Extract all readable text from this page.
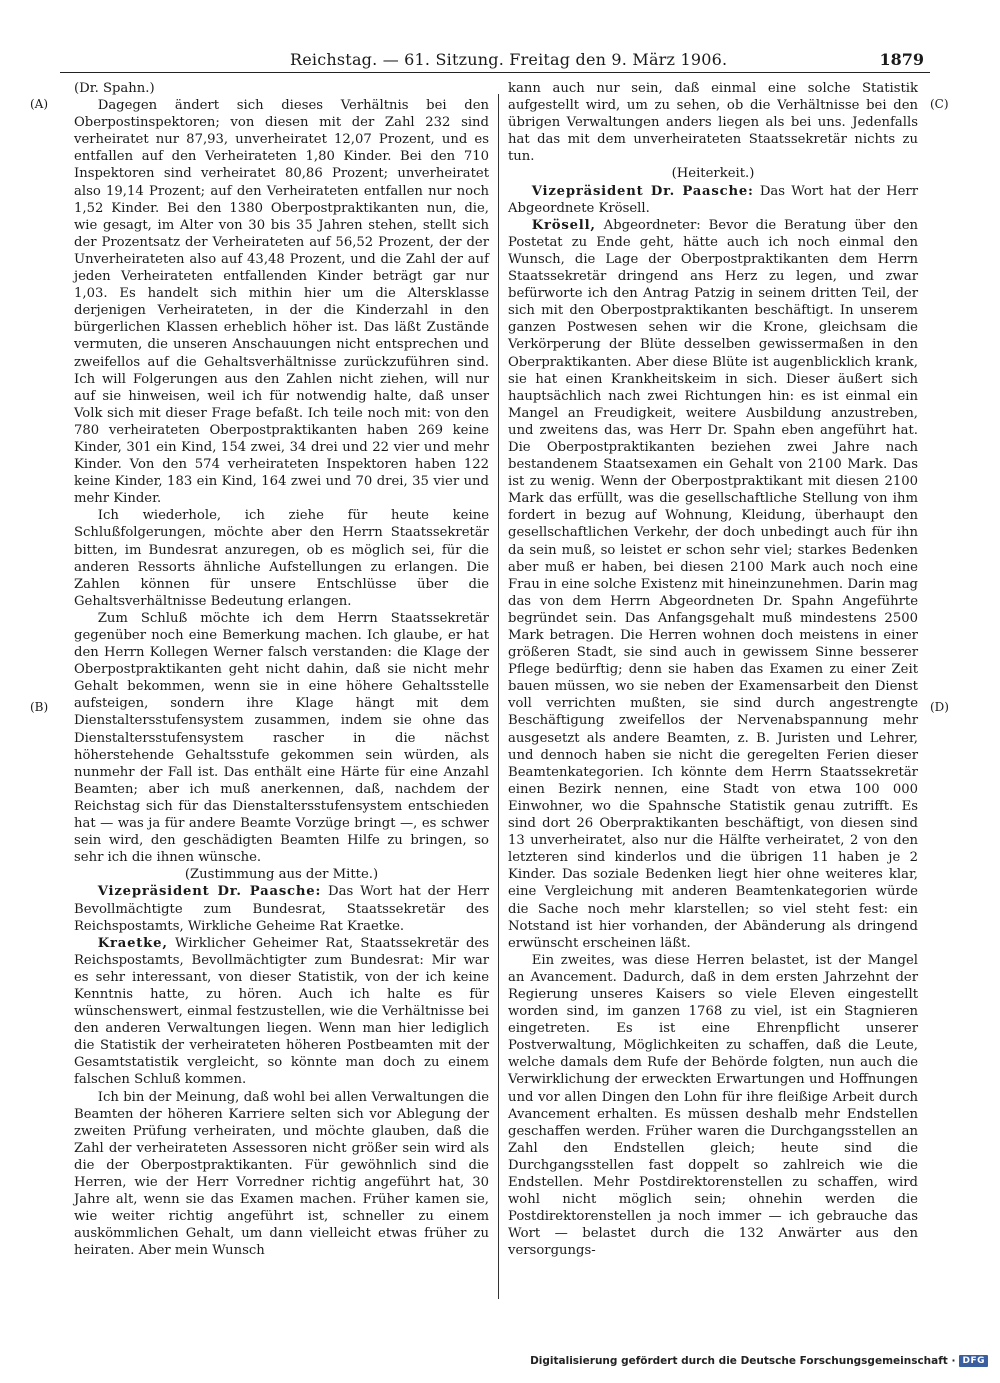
Reichstag. — 61. Sitzung. Freitag den 9. März 1906.	1879
(A)
(B)
(C)
(D)

(Dr. Spahn.)

Dagegen ändert sich dieses Verhältnis bei den Oberpostinspektoren; von diesen mit der Zahl 232 sind verheiratet nur 87,93, unverheiratet 12,07 Prozent, und es entfallen auf den Verheirateten 1,80 Kinder. Bei den 710 Inspektoren sind verheiratet 80,86 Prozent; unverheiratet also 19,14 Prozent; auf den Verheirateten entfallen nur noch 1,52 Kinder. Bei den 1380 Oberpostpraktikanten nun, die, wie gesagt, im Alter von 30 bis 35 Jahren stehen, stellt sich der Prozentsatz der Verheirateten auf 56,52 Prozent, der der Unverheirateten also auf 43,48 Prozent, und die Zahl der auf jeden Verheirateten entfallenden Kinder beträgt gar nur 1,03. Es handelt sich mithin hier um die Altersklasse derjenigen Verheirateten, in der die Kinderzahl in den bürgerlichen Klassen erheblich höher ist. Das läßt Zustände vermuten, die unseren Anschauungen nicht entsprechen und zweifellos auf die Gehaltsverhältnisse zurückzuführen sind. Ich will Folgerungen aus den Zahlen nicht ziehen, will nur auf sie hinweisen, weil ich für notwendig halte, daß unser Volk sich mit dieser Frage befaßt. Ich teile noch mit: von den 780 verheirateten Oberpostpraktikanten haben 269 keine Kinder, 301 ein Kind, 154 zwei, 34 drei und 22 vier und mehr Kinder. Von den 574 verheirateten Inspektoren haben 122 keine Kinder, 183 ein Kind, 164 zwei und 70 drei, 35 vier und mehr Kinder.

Ich wiederhole, ich ziehe für heute keine Schlußfolgerungen, möchte aber den Herrn Staatssekretär bitten, im Bundesrat anzuregen, ob es möglich sei, für die anderen Ressorts ähnliche Aufstellungen zu erlangen. Die Zahlen können für unsere Entschlüsse über die Gehaltsverhältnisse Bedeutung erlangen.

Zum Schluß möchte ich dem Herrn Staatssekretär gegenüber noch eine Bemerkung machen. Ich glaube, er hat den Herrn Kollegen Werner falsch verstanden: die Klage der Oberpostpraktikanten geht nicht dahin, daß sie nicht mehr Gehalt bekommen, wenn sie in eine höhere Gehaltsstelle aufsteigen, sondern ihre Klage hängt mit dem Dienstaltersstufensystem zusammen, indem sie ohne das Dienstaltersstufensystem rascher in die nächst höherstehende Gehaltsstufe gekommen sein würden, als nunmehr der Fall ist. Das enthält eine Härte für eine Anzahl Beamten; aber ich muß anerkennen, daß, nachdem der Reichstag sich für das Dienstaltersstufensystem entschieden hat — was ja für andere Beamte Vorzüge bringt —, es schwer sein wird, den geschädigten Beamten Hilfe zu bringen, so sehr ich die ihnen wünsche.

(Zustimmung aus der Mitte.)

Vizepräsident Dr. Paasche: Das Wort hat der Herr Bevollmächtigte zum Bundesrat, Staatssekretär des Reichspostamts, Wirkliche Geheime Rat Kraetke.

Kraetke, Wirklicher Geheimer Rat, Staatssekretär des Reichspostamts, Bevollmächtigter zum Bundesrat: Mir war es sehr interessant, von dieser Statistik, von der ich keine Kenntnis hatte, zu hören. Auch ich halte es für wünschenswert, einmal festzustellen, wie die Verhältnisse bei den anderen Verwaltungen liegen. Wenn man hier lediglich die Statistik der verheirateten höheren Postbeamten mit der Gesamtstatistik vergleicht, so könnte man doch zu einem falschen Schluß kommen.

Ich bin der Meinung, daß wohl bei allen Verwaltungen die Beamten der höheren Karriere selten sich vor Ablegung der zweiten Prüfung verheiraten, und möchte glauben, daß die Zahl der verheirateten Assessoren nicht größer sein wird als die der Oberpostpraktikanten. Für gewöhnlich sind die Herren, wie der Herr Vorredner richtig angeführt hat, 30 Jahre alt, wenn sie das Examen machen. Früher kamen sie, wie weiter richtig angeführt ist, schneller zu einem auskömmlichen Gehalt, um dann vielleicht etwas früher zu heiraten. Aber mein Wunsch

kann auch nur sein, daß einmal eine solche Statistik aufgestellt wird, um zu sehen, ob die Verhältnisse bei den übrigen Verwaltungen anders liegen als bei uns. Jedenfalls hat das mit dem unverheirateten Staatssekretär nichts zu tun.

(Heiterkeit.)

Vizepräsident Dr. Paasche: Das Wort hat der Herr Abgeordnete Krösell.

Krösell, Abgeordneter: Bevor die Beratung über den Postetat zu Ende geht, hätte auch ich noch einmal den Wunsch, die Lage der Oberpostpraktikanten dem Herrn Staatssekretär dringend ans Herz zu legen, und zwar befürworte ich den Antrag Patzig in seinem dritten Teil, der sich mit den Oberpostpraktikanten beschäftigt. In unserem ganzen Postwesen sehen wir die Krone, gleichsam die Verkörperung der Blüte desselben gewissermaßen in den Oberpraktikanten. Aber diese Blüte ist augenblicklich krank, sie hat einen Krankheitskeim in sich. Dieser äußert sich hauptsächlich nach zwei Richtungen hin: es ist einmal ein Mangel an Freudigkeit, weitere Ausbildung anzustreben, und zweitens das, was Herr Dr. Spahn eben angeführt hat. Die Oberpostpraktikanten beziehen zwei Jahre nach bestandenem Staatsexamen ein Gehalt von 2100 Mark. Das ist zu wenig. Wenn der Oberpostpraktikant mit diesen 2100 Mark das erfüllt, was die gesellschaftliche Stellung von ihm fordert in bezug auf Wohnung, Kleidung, überhaupt den gesellschaftlichen Verkehr, der doch unbedingt auch für ihn da sein muß, so leistet er schon sehr viel; starkes Bedenken aber muß er haben, bei diesen 2100 Mark auch noch eine Frau in eine solche Existenz mit hineinzunehmen. Darin mag das von dem Herrn Abgeordneten Dr. Spahn Angeführte begründet sein. Das Anfangsgehalt muß mindestens 2500 Mark betragen. Die Herren wohnen doch meistens in einer größeren Stadt, sie sind auch in gewissem Sinne besserer Pflege bedürftig; denn sie haben das Examen zu einer Zeit bauen müssen, wo sie neben der Examensarbeit den Dienst voll verrichten mußten, sie sind durch angestrengte Beschäftigung zweifellos der Nervenabspannung mehr ausgesetzt als andere Beamten, z. B. Juristen und Lehrer, und dennoch haben sie nicht die geregelten Ferien dieser Beamtenkategorien. Ich könnte dem Herrn Staatssekretär einen Bezirk nennen, eine Stadt von etwa 100 000 Einwohner, wo die Spahnsche Statistik genau zutrifft. Es sind dort 26 Oberpraktikanten beschäftigt, von diesen sind 13 unverheiratet, also nur die Hälfte verheiratet, 2 von den letzteren sind kinderlos und die übrigen 11 haben je 2 Kinder. Das soziale Bedenken liegt hier ohne weiteres klar, eine Vergleichung mit anderen Beamtenkategorien würde die Sache noch mehr klarstellen; so viel steht fest: ein Notstand ist hier vorhanden, der Abänderung als dringend erwünscht erscheinen läßt.

Ein zweites, was diese Herren belastet, ist der Mangel an Avancement. Dadurch, daß in dem ersten Jahrzehnt der Regierung unseres Kaisers so viele Eleven eingestellt worden sind, im ganzen 1768 zu viel, ist ein Stagnieren eingetreten. Es ist eine Ehrenpflicht unserer Postverwaltung, Möglichkeiten zu schaffen, daß die Leute, welche damals dem Rufe der Behörde folgten, nun auch die Verwirklichung der erweckten Erwartungen und Hoffnungen und vor allen Dingen den Lohn für ihre fleißige Arbeit durch Avancement erhalten. Es müssen deshalb mehr Endstellen geschaffen werden. Früher waren die Durchgangsstellen an Zahl den Endstellen gleich; heute sind die Durchgangsstellen fast doppelt so zahlreich wie die Endstellen. Mehr Postdirektorenstellen zu schaffen, wird wohl nicht möglich sein; ohnehin werden die Postdirektorenstellen ja noch immer — ich gebrauche das Wort — belastet durch die 132 Anwärter aus den versorgungs-

Digitalisierung gefördert durch die Deutsche Forschungsgemeinschaft · DFG
